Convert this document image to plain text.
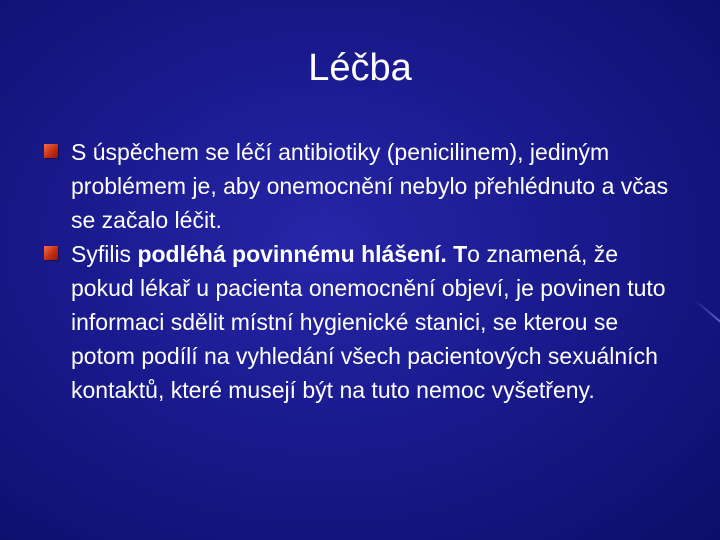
Léčba
S úspěchem se léčí antibiotiky (penicilinem), jediným problémem je, aby onemocnění nebylo přehlédnuto a včas se začalo léčit.
Syfilis podléhá povinnému hlášení. To znamená, že pokud lékař u pacienta onemocnění objeví, je povinen tuto informaci sdělit místní hygienické stanici, se kterou se potom podílí na vyhledání všech pacientových sexuálních kontaktů, které musejí být na tuto nemoc vyšetřeny.
